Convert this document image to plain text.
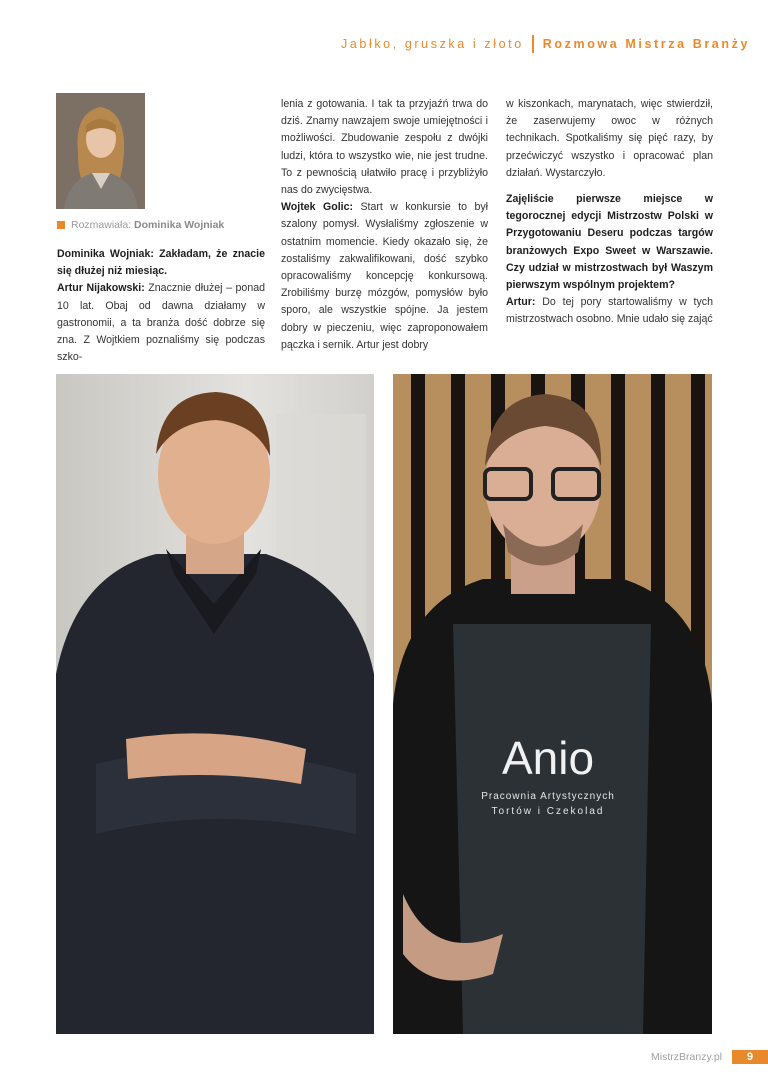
Jabłko, gruszka i złoto Rozmowa Mistrza Branży
Rozmawiała:
Dominika Wojniak

Dominika Wojniak: Zakładam, że znacie się dłużej niż miesiąc.

Artur Nijakowski: Znacznie dłużej – ponad 10 lat. Obaj od dawna działamy w gastronomii, a ta branża dość dobrze się zna. Z Wojtkiem poznaliśmy się podczas szko-

lenia z gotowania. I tak ta przyjaźń trwa do dziś. Znamy nawzajem swoje umiejętności i możliwości. Zbudowanie zespołu z dwójki ludzi, która to wszystko wie, nie jest trudne. To z pewnością ułatwiło pracę i przybliżyło nas do zwycięstwa.

Wojtek Golic: Start w konkursie to był szalony pomysł. Wysłaliśmy zgłoszenie w ostatnim momencie. Kiedy okazało się, że zostaliśmy zakwalifikowani, dość szybko opracowaliśmy koncepcję konkursową. Zrobiliśmy burzę mózgów, pomysłów było sporo, ale wszystkie spójne. Ja jestem dobry w pieczeniu, więc zaproponowałem pączka i sernik. Artur jest dobry

w kiszonkach, marynatach, więc stwierdził, że zaserwujemy owoc w różnych technikach. Spotkaliśmy się pięć razy, by przećwiczyć wszystko i opracować plan działań. Wystarczyło.

Zajęliście pierwsze miejsce w tegorocznej edycji Mistrzostw Polski w Przygotowaniu Deseru podczas targów branżowych Expo Sweet w Warszawie. Czy udział w mistrzostwach był Waszym pierwszym wspólnym projektem?

Artur: Do tej pory startowaliśmy w tych mistrzostwach osobno. Mnie udało się zająć

Anio
Pracownia Artystycznych
Tortów i Czekolad
MistrzBranzy.pl	9
